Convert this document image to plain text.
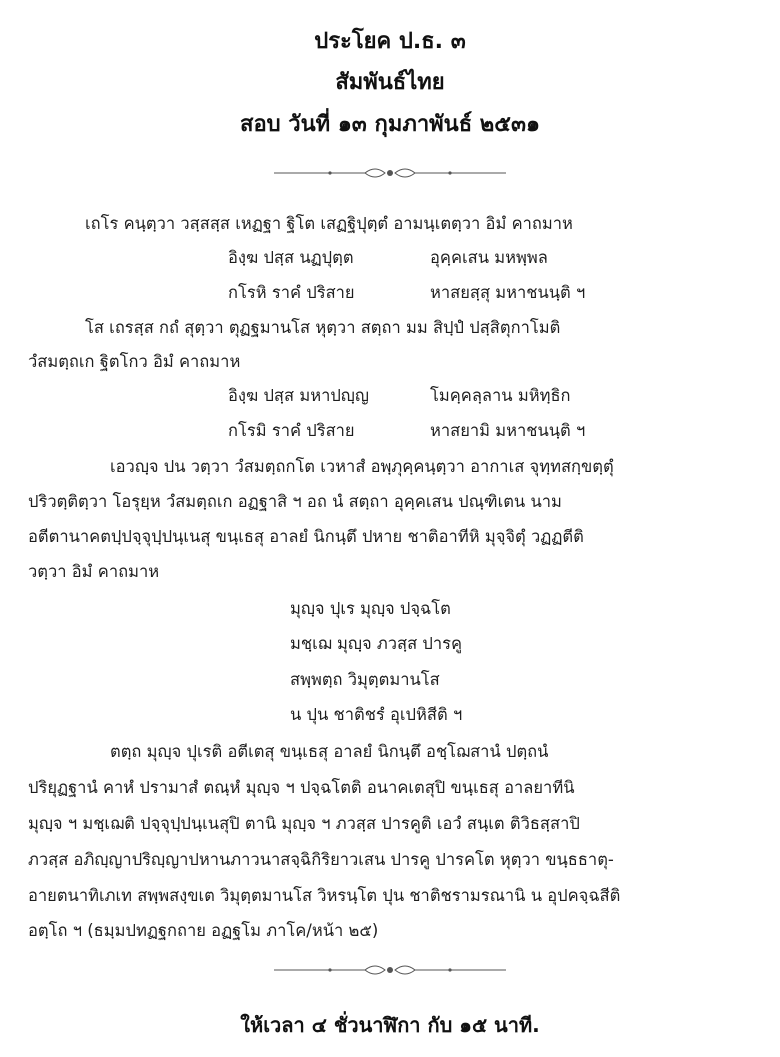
ประโยค ป.ธ. ๓
สัมพันธ์ไทย
สอบ วันที่ ๑๓ กุมภาพันธ์ ๒๕๓๑
เถโร คนฺตฺวา วสฺสสฺส เหฏฐา ฐิโต เสฏฐิปุตฺตํ อามนฺเตตฺวา อิมํ คาถมาห
อิงฺฆ ปสฺส นฏปุตฺต	อุคฺคเสน มหพฺพล
กโรหิ ราคํ ปริสาย	หาสยสฺสุ มหาชนนฺติ ฯ
โส เถรสฺส กถํ สุตฺวา ตุฏฐมานโส หุตฺวา สตฺถา มม สิปฺปํ ปสฺสิตุกาโมติ
วํสมตฺถเก ฐิตโกว อิมํ คาถมาห
อิงฺฆ ปสฺส มหาปญฺญ	โมคฺคลฺลาน มหิทฺธิก
กโรมิ ราคํ ปริสาย	หาสยามิ มหาชนนฺติ ฯ
เอวญฺจ ปน วตฺวา วํสมตฺถกโต เวหาสํ อพฺภุคฺคนฺตฺวา อากาเส จุทฺทสกฺขตฺตุํ
ปริวตฺติตฺวา โอรุยฺห วํสมตฺถเก อฏฐาสิ ฯ อถ นํ สตฺถา อุคฺคเสน ปณฺฑิเตน นาม
อตีตานาคตปฺปจฺจุปฺปนฺเนสุ ขนฺเธสุ อาลยํ นิกนฺตึ ปหาย ชาติอาทีหิ มุจฺจิตุํ วฏฏตีติ
วตฺวา อิมํ คาถมาห
มุญฺจ ปุเร มุญฺจ ปจฺฉโต
มชฺเฌ มุญฺจ ภวสฺส ปารคู
สพฺพตฺถ วิมุตฺตมานโส
น ปุน ชาติชรํ อุเปหิสีติ ฯ
ตตฺถ มุญฺจ ปุเรติ อตีเตสุ ขนฺเธสุ อาลยํ นิกนฺตึ อชฺโฌสานํ ปตฺถนํ
ปริยุฏฐานํ คาหํ ปรามาสํ ตณฺหํ มุญฺจ ฯ ปจฺฉโตติ อนาคเตสุปิ ขนฺเธสุ อาลยาทีนิ
มุญฺจ ฯ มชฺเฌติ ปจฺจุปฺปนฺเนสุปิ ตานิ มุญฺจ ฯ ภวสฺส ปารคูติ เอวํ สนฺเต ติวิธสฺสาปิ
ภวสฺส อภิญฺญาปริญฺญาปหานภาวนาสจฺฉิกิริยาวเสน ปารคู ปารคโต หุตฺวา ขนฺธธาตุ-
อายตนาทิเภเท สพฺพสงฺขเต วิมุตฺตมานโส วิหรนฺโต ปุน ชาติชรามรณานิ น อุปคจฺฉสีติ
อตฺโถ ฯ (ธมฺมปทฏฐกถาย อฏฐโม ภาโค/หน้า ๒๕)
ให้เวลา ๔ ชั่วนาฬิกา กับ ๑๕ นาที.
